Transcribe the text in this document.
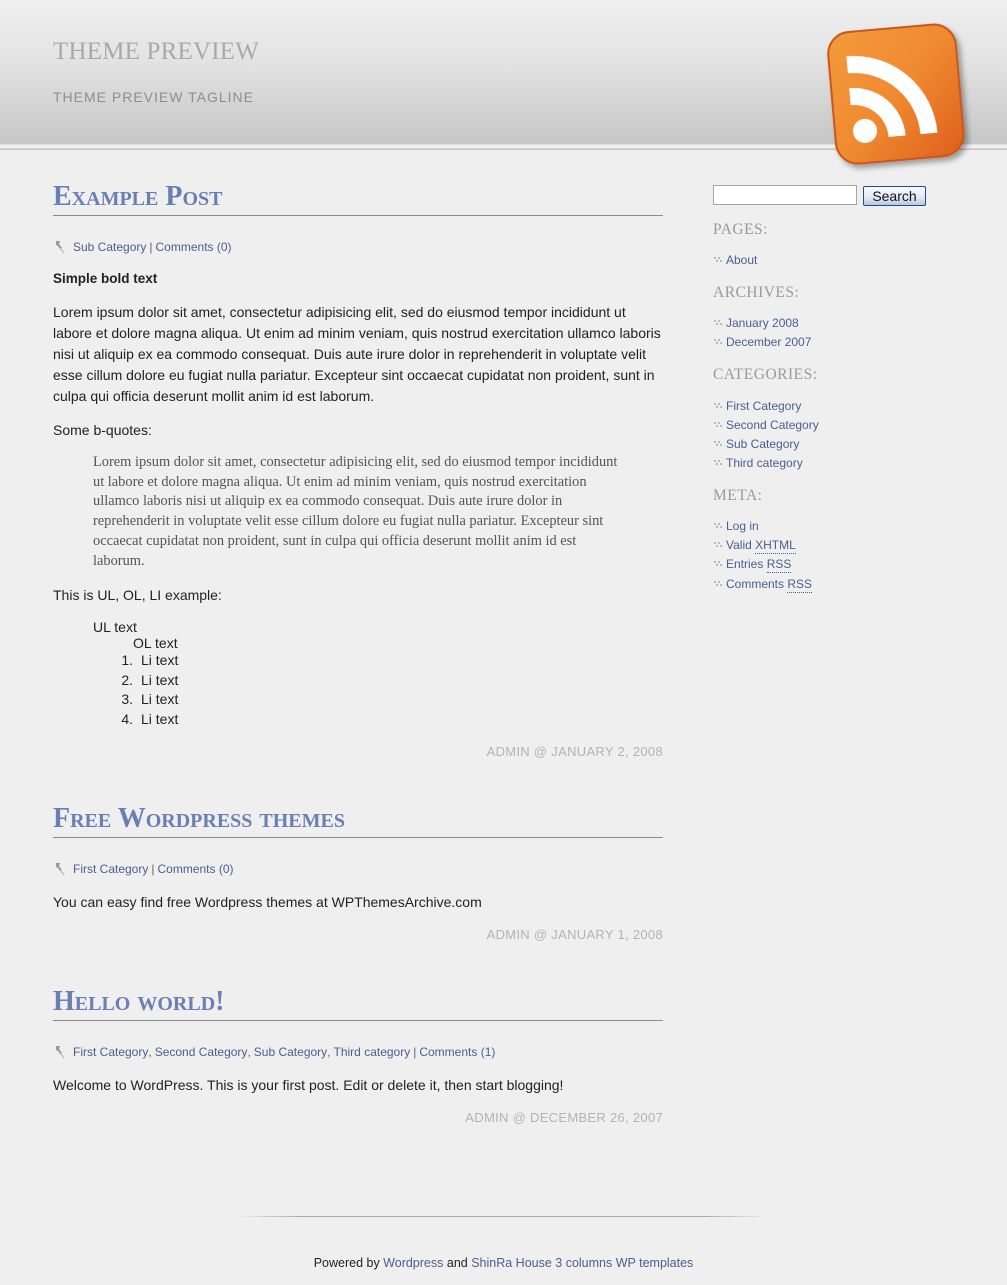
THEME PREVIEW
THEME PREVIEW TAGLINE
Example Post
Sub Category | Comments (0)
Simple bold text
Lorem ipsum dolor sit amet, consectetur adipisicing elit, sed do eiusmod tempor incididunt ut labore et dolore magna aliqua. Ut enim ad minim veniam, quis nostrud exercitation ullamco laboris nisi ut aliquip ex ea commodo consequat. Duis aute irure dolor in reprehenderit in voluptate velit esse cillum dolore eu fugiat nulla pariatur. Excepteur sint occaecat cupidatat non proident, sunt in culpa qui officia deserunt mollit anim id est laborum.
Some b-quotes:
Lorem ipsum dolor sit amet, consectetur adipisicing elit, sed do eiusmod tempor incididunt ut labore et dolore magna aliqua. Ut enim ad minim veniam, quis nostrud exercitation ullamco laboris nisi ut aliquip ex ea commodo consequat. Duis aute irure dolor in reprehenderit in voluptate velit esse cillum dolore eu fugiat nulla pariatur. Excepteur sint occaecat cupidatat non proident, sunt in culpa qui officia deserunt mollit anim id est laborum.
This is UL, OL, LI example:
UL text
OL text
1. Li text
2. Li text
3. Li text
4. Li text
ADMIN @ JANUARY 2, 2008
Free Wordpress themes
First Category | Comments (0)
You can easy find free Wordpress themes at WPThemesArchive.com
ADMIN @ JANUARY 1, 2008
Hello world!
First Category , Second Category , Sub Category , Third category | Comments (1)
Welcome to WordPress. This is your first post. Edit or delete it, then start blogging!
ADMIN @ DECEMBER 26, 2007
Search
PAGES:
About
ARCHIVES:
January 2008
December 2007
CATEGORIES:
First Category
Second Category
Sub Category
Third category
META:
Log in
Valid XHTML
Entries RSS
Comments RSS
Powered by Wordpress and ShinRa House 3 columns WP templates
